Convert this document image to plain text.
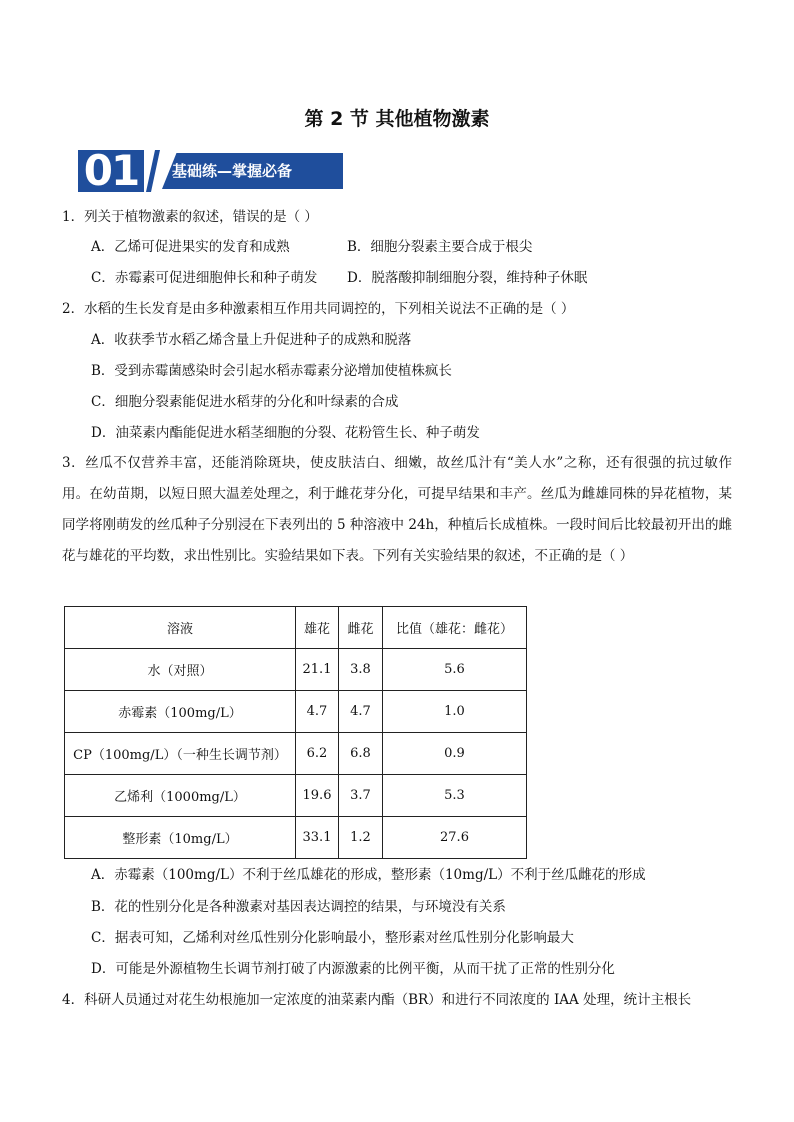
第 2 节 其他植物激素
01	基础练—掌握必备
1．列关于植物激素的叙述，错误的是（ ）
A．乙烯可促进果实的发育和成熟	B．细胞分裂素主要合成于根尖
C．赤霉素可促进细胞伸长和种子萌发 D．脱落酸抑制细胞分裂，维持种子休眠
2．水稻的生长发育是由多种激素相互作用共同调控的，下列相关说法不正确的是（ ）
A．收获季节水稻乙烯含量上升促进种子的成熟和脱落
B．受到赤霉菌感染时会引起水稻赤霉素分泌增加使植株疯长
C．细胞分裂素能促进水稻芽的分化和叶绿素的合成
D．油菜素内酯能促进水稻茎细胞的分裂、花粉管生长、种子萌发
3．丝瓜不仅营养丰富，还能消除斑块，使皮肤洁白、细嫩，故丝瓜汁有“美人水”之称，还有很强的抗过敏作用。在幼苗期，以短日照大温差处理之，利于雌花芽分化，可提早结果和丰产。丝瓜为雌雄同株的异花植物，某同学将刚萌发的丝瓜种子分别浸在下表列出的 5 种溶液中 24h，种植后长成植株。一段时间后比较最初开出的雌花与雄花的平均数，求出性别比。实验结果如下表。下列有关实验结果的叙述，不正确的是（ ）
溶液	雄花	雌花	比值（雄花：雌花）
水（对照）	21.1	3.8	5.6
赤霉素（100mg/L）	4.7	4.7	1.0
CP（100mg/L）（一种生长调节剂）	6.2	6.8	0.9
乙烯利（1000mg/L）	19.6	3.7	5.3
整形素（10mg/L）	33.1	1.2	27.6
A．赤霉素（100mg/L）不利于丝瓜雄花的形成，整形素（10mg/L）不利于丝瓜雌花的形成
B．花的性别分化是各种激素对基因表达调控的结果，与环境没有关系
C．据表可知，乙烯利对丝瓜性别分化影响最小，整形素对丝瓜性别分化影响最大
D．可能是外源植物生长调节剂打破了内源激素的比例平衡，从而干扰了正常的性别分化
4．科研人员通过对花生幼根施加一定浓度的油菜素内酯（BR）和进行不同浓度的 IAA 处理，统计主根长
